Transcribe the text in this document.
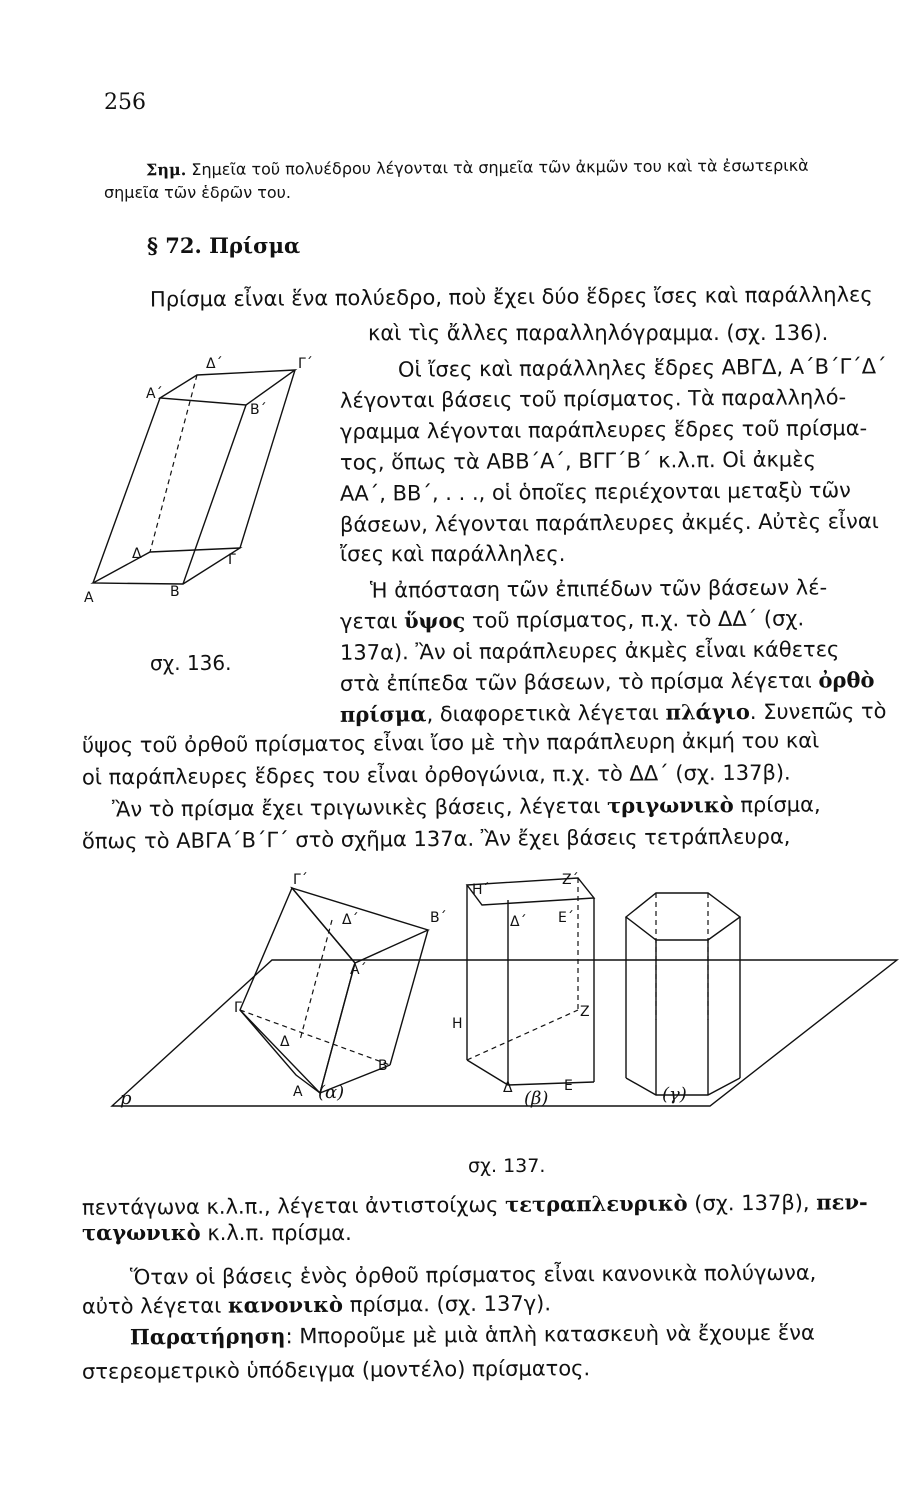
256
Σημ. Σημεῖα τοῦ πολυέδρου λέγονται τὰ σημεῖα τῶν ἀκμῶν του καὶ τὰ ἐσωτερικὰ
σημεῖα τῶν ἑδρῶν του.
§ 72. Πρίσμα
Πρίσμα εἶναι ἕνα πολύεδρο, ποὺ ἔχει δύο ἕδρες ἴσες καὶ παράλληλες
καὶ τὶς ἄλλες παραλληλόγραμμα. (σχ. 136).
Οἱ ἴσες καὶ παράλληλες ἕδρες ΑΒΓΔ, Α΄Β΄Γ΄Δ΄
λέγονται βάσεις τοῦ πρίσματος. Τὰ παραλληλό-
γραμμα λέγονται παράπλευρες ἕδρες τοῦ πρίσμα-
τος, ὅπως τὰ ΑΒΒ΄Α΄, ΒΓΓ΄Β΄ κ.λ.π. Οἱ ἀκμὲς
ΑΑ΄, ΒΒ΄, . . ., οἱ ὁποῖες περιέχονται μεταξὺ τῶν
βάσεων, λέγονται παράπλευρες ἀκμές. Αὐτὲς εἶναι
ἴσες καὶ παράλληλες.
Ἡ ἀπόσταση τῶν ἐπιπέδων τῶν βάσεων λέ-
γεται ὕψος τοῦ πρίσματος, π.χ. τὸ ΔΔ΄ (σχ.
137α). Ἂν οἱ παράπλευρες ἀκμὲς εἶναι κάθετες
στὰ ἐπίπεδα τῶν βάσεων, τὸ πρίσμα λέγεται ὀρθὸ
πρίσμα, διαφορετικὰ λέγεται πλάγιο. Συνεπῶς τὸ
ὕψος τοῦ ὀρθοῦ πρίσματος εἶναι ἴσο μὲ τὴν παράπλευρη ἀκμή του καὶ
οἱ παράπλευρες ἕδρες του εἶναι ὀρθογώνια, π.χ. τὸ ΔΔ΄ (σχ. 137β).
Ἂν τὸ πρίσμα ἔχει τριγωνικὲς βάσεις, λέγεται τριγωνικὸ πρίσμα,
ὅπως τὸ ΑΒΓΑ΄Β΄Γ΄ στὸ σχῆμα 137α. Ἂν ἔχει βάσεις τετράπλευρα,
πεντάγωνα κ.λ.π., λέγεται ἀντιστοίχως τετραπλευρικὸ (σχ. 137β), πεν-
ταγωνικὸ κ.λ.π. πρίσμα.
Ὅταν οἱ βάσεις ἑνὸς ὀρθοῦ πρίσματος εἶναι κανονικὰ πολύγωνα,
αὐτὸ λέγεται κανονικὸ πρίσμα. (σχ. 137γ).
Παρατήρηση: Μποροῦμε μὲ μιὰ ἁπλὴ κατασκευὴ νὰ ἔχουμε ἕνα
στερεομετρικὸ ὑπόδειγμα (μοντέλο) πρίσματος.
Δ΄	Γ΄
Α΄
Β΄
Δ	Γ
Α	Β
σχ. 136.
Γ΄
Δ΄	Β΄
Α΄
Γ
Δ
Β
Α
Η΄
Ζ΄
Δ΄ Ε΄
Η
Ζ
Δ	Ε
p	(α)	(β)	(γ)
σχ. 137.
